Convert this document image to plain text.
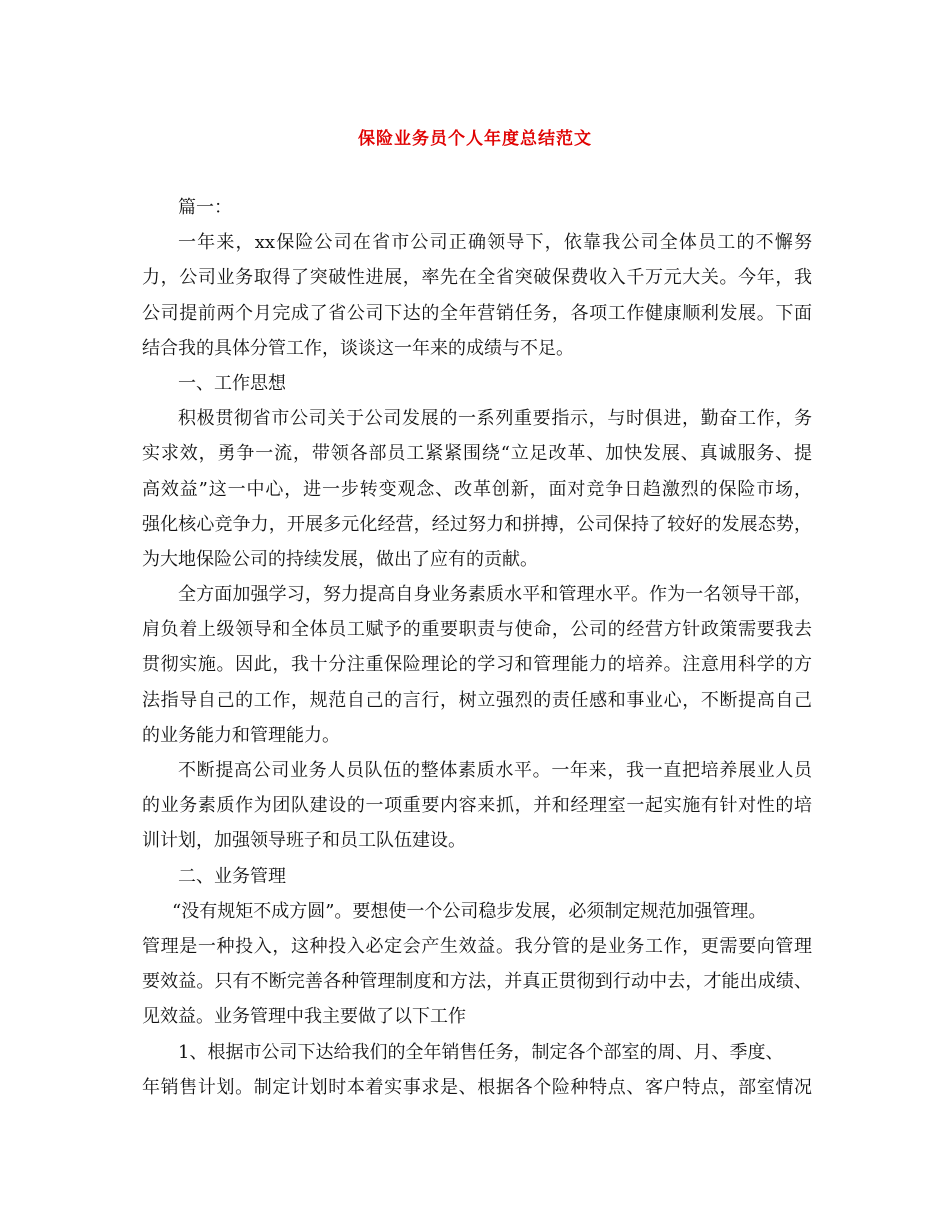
保险业务员个人年度总结范文
篇一：
一年来，xx保险公司在省市公司正确领导下，依靠我公司全体员工的不懈努
力，公司业务取得了突破性进展，率先在全省突破保费收入千万元大关。今年，我
公司提前两个月完成了省公司下达的全年营销任务，各项工作健康顺利发展。下面
结合我的具体分管工作，谈谈这一年来的成绩与不足。
一、工作思想
积极贯彻省市公司关于公司发展的一系列重要指示，与时俱进，勤奋工作，务
实求效，勇争一流，带领各部员工紧紧围绕“立足改革、加快发展、真诚服务、提
高效益”这一中心，进一步转变观念、改革创新，面对竞争日趋激烈的保险市场，
强化核心竞争力，开展多元化经营，经过努力和拼搏，公司保持了较好的发展态势，
为大地保险公司的持续发展，做出了应有的贡献。
全方面加强学习，努力提高自身业务素质水平和管理水平。作为一名领导干部，
肩负着上级领导和全体员工赋予的重要职责与使命，公司的经营方针政策需要我去
贯彻实施。因此，我十分注重保险理论的学习和管理能力的培养。注意用科学的方
法指导自己的工作，规范自己的言行，树立强烈的责任感和事业心，不断提高自己
的业务能力和管理能力。
不断提高公司业务人员队伍的整体素质水平。一年来，我一直把培养展业人员
的业务素质作为团队建设的一项重要内容来抓，并和经理室一起实施有针对性的培
训计划，加强领导班子和员工队伍建设。
二、业务管理
“没有规矩不成方圆”。要想使一个公司稳步发展，必须制定规范加强管理。
管理是一种投入，这种投入必定会产生效益。我分管的是业务工作，更需要向管理
要效益。只有不断完善各种管理制度和方法，并真正贯彻到行动中去，才能出成绩、
见效益。业务管理中我主要做了以下工作
1、根据市公司下达给我们的全年销售任务，制定各个部室的周、月、季度、
年销售计划。制定计划时本着实事求是、根据各个险种特点、客户特点，部室情况
